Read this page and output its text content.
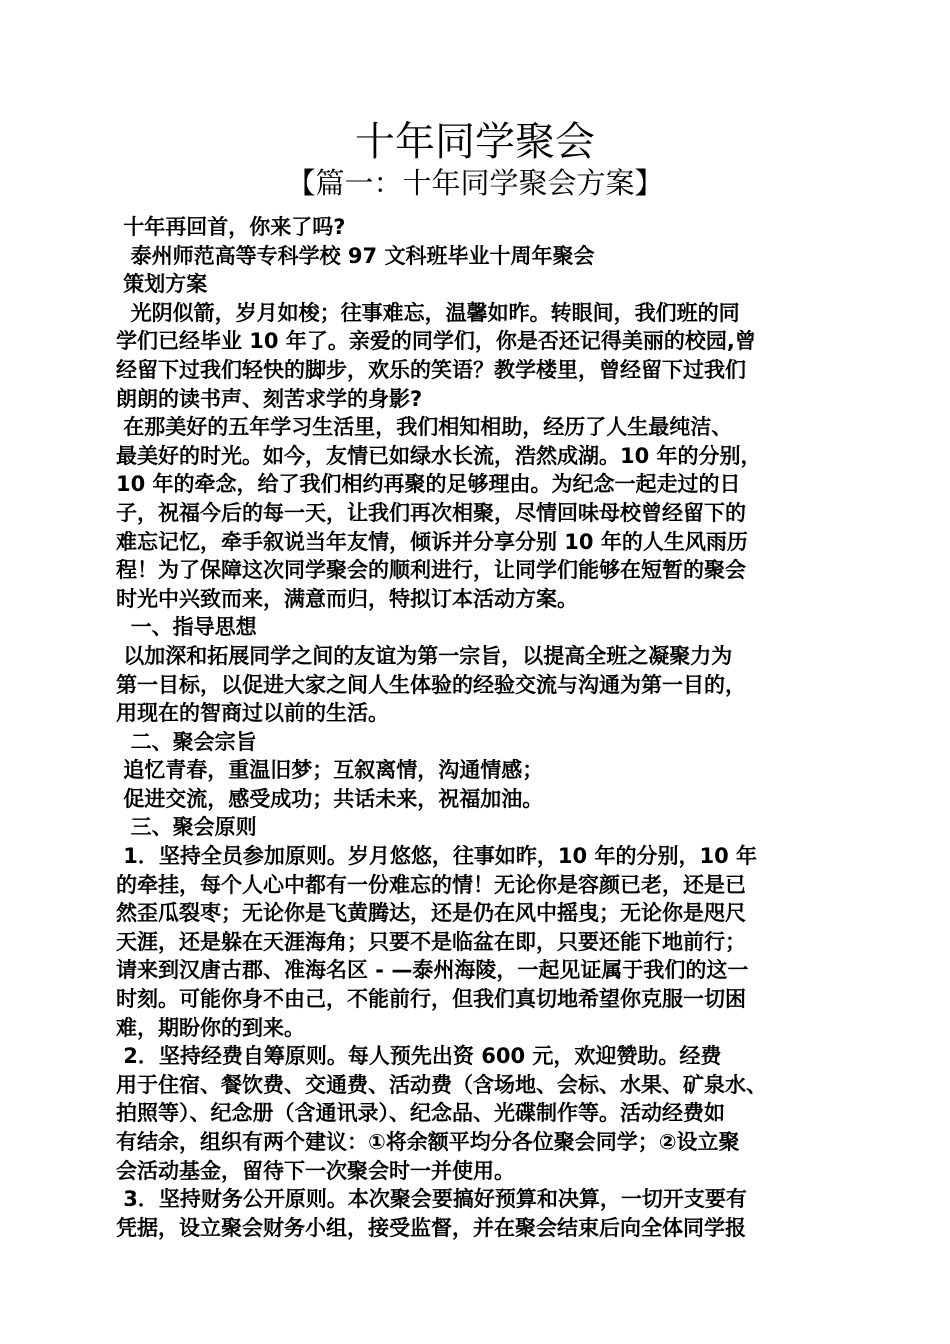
十年同学聚会
【篇一：十年同学聚会方案】
十年再回首，你来了吗?
泰州师范高等专科学校 97 文科班毕业十周年聚会
策划方案
光阴似箭，岁月如梭；往事难忘，温馨如昨。转眼间，我们班的同
学们已经毕业 10 年了。亲爱的同学们，你是否还记得美丽的校园,曾
经留下过我们轻快的脚步，欢乐的笑语？教学楼里，曾经留下过我们
朗朗的读书声、刻苦求学的身影?
在那美好的五年学习生活里，我们相知相助，经历了人生最纯洁、
最美好的时光。如今，友情已如绿水长流，浩然成湖。10 年的分别，
10 年的牵念，给了我们相约再聚的足够理由。为纪念一起走过的日
子，祝福今后的每一天，让我们再次相聚，尽情回味母校曾经留下的
难忘记忆，牵手叙说当年友情，倾诉并分享分别 10 年的人生风雨历
程！为了保障这次同学聚会的顺利进行，让同学们能够在短暂的聚会
时光中兴致而来，满意而归，特拟订本活动方案。
一、指导思想
以加深和拓展同学之间的友谊为第一宗旨，以提高全班之凝聚力为
第一目标，以促进大家之间人生体验的经验交流与沟通为第一目的，
用现在的智商过以前的生活。
二、聚会宗旨
追忆青春，重温旧梦；互叙离情，沟通情感；
促进交流，感受成功；共话未来，祝福加油。
三、聚会原则
1．坚持全员参加原则。岁月悠悠，往事如昨，10 年的分别，10 年
的牵挂，每个人心中都有一份难忘的情！无论你是容颜已老，还是已
然歪瓜裂枣；无论你是飞黄腾达，还是仍在风中摇曳；无论你是咫尺
天涯，还是躲在天涯海角；只要不是临盆在即，只要还能下地前行；
请来到汉唐古郡、准海名区 - —泰州海陵，一起见证属于我们的这一
时刻。可能你身不由己，不能前行，但我们真切地希望你克服一切困
难，期盼你的到来。
2．坚持经费自筹原则。每人预先出资 600 元，欢迎赞助。经费
用于住宿、餐饮费、交通费、活动费（含场地、会标、水果、矿泉水、
拍照等）、纪念册（含通讯录）、纪念品、光碟制作等。活动经费如
有结余，组织有两个建议：①将余额平均分各位聚会同学；②设立聚
会活动基金，留待下一次聚会时一并使用。
3．坚持财务公开原则。本次聚会要搞好预算和决算，一切开支要有
凭据，设立聚会财务小组，接受监督，并在聚会结束后向全体同学报
